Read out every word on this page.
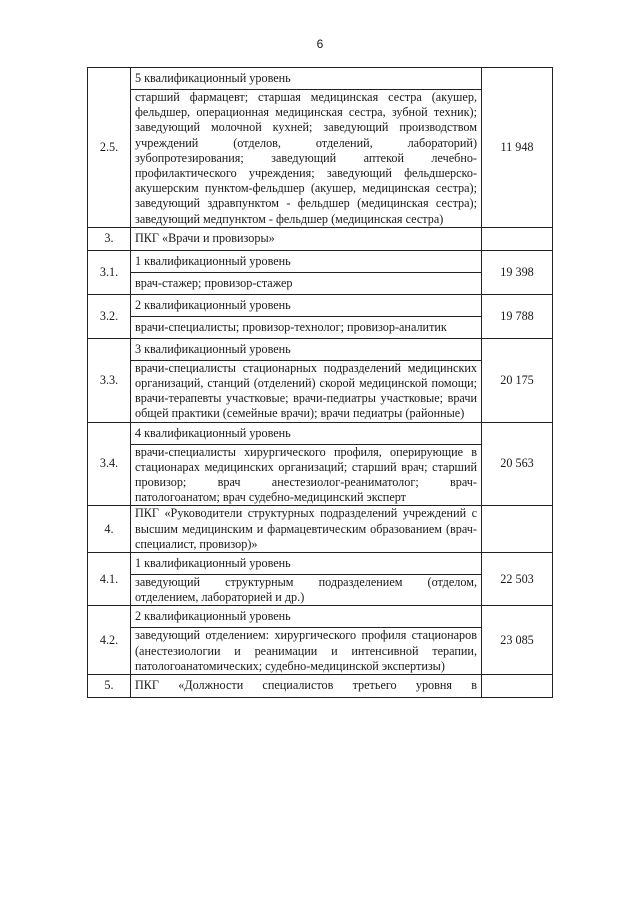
6
2.5.	5 квалификационный уровень	11 948
	старший фармацевт; старшая медицинская сестра (акушер, фельдшер, операционная медицинская сестра, зубной техник); заведующий молочной кухней; заведующий производством учреждений (отделов, отделений, лабораторий) зубопротезирования; заведующий аптекой лечебно-профилактического учреждения; заведующий фельдшерско-акушерским пунктом-фельдшер (акушер, медицинская сестра); заведующий здравпунктом - фельдшер (медицинская сестра); заведующий медпунктом - фельдшер (медицинская сестра)	
3.	ПКГ «Врачи и провизоры»	
3.1.	1 квалификационный уровень	19 398
	врач-стажер; провизор-стажер	
3.2.	2 квалификационный уровень	19 788
	врачи-специалисты; провизор-технолог; провизор-аналитик	
3.3.	3 квалификационный уровень	20 175
	врачи-специалисты стационарных подразделений медицинских организаций, станций (отделений) скорой медицинской помощи; врачи-терапевты участковые; врачи-педиатры участковые; врачи общей практики (семейные врачи); врачи педиатры (районные)	
3.4.	4 квалификационный уровень	20 563
	врачи-специалисты хирургического профиля, оперирующие в стационарах медицинских организаций; старший врач; старший провизор; врач анестезиолог-реаниматолог; врач-патологоанатом; врач судебно-медицинский эксперт	
4.	ПКГ «Руководители структурных подразделений учреждений с высшим медицинским и фармацевтическим образованием (врач-специалист, провизор)»	
4.1.	1 квалификационный уровень	22 503
	заведующий структурным подразделением (отделом, отделением, лабораторией и др.)	
4.2.	2 квалификационный уровень	23 085
	заведующий отделением: хирургического профиля стационаров (анестезиологии и реанимации и интенсивной терапии, патологоанатомических; судебно-медицинской экспертизы)	
5.	ПКГ «Должности специалистов третьего уровня в	
